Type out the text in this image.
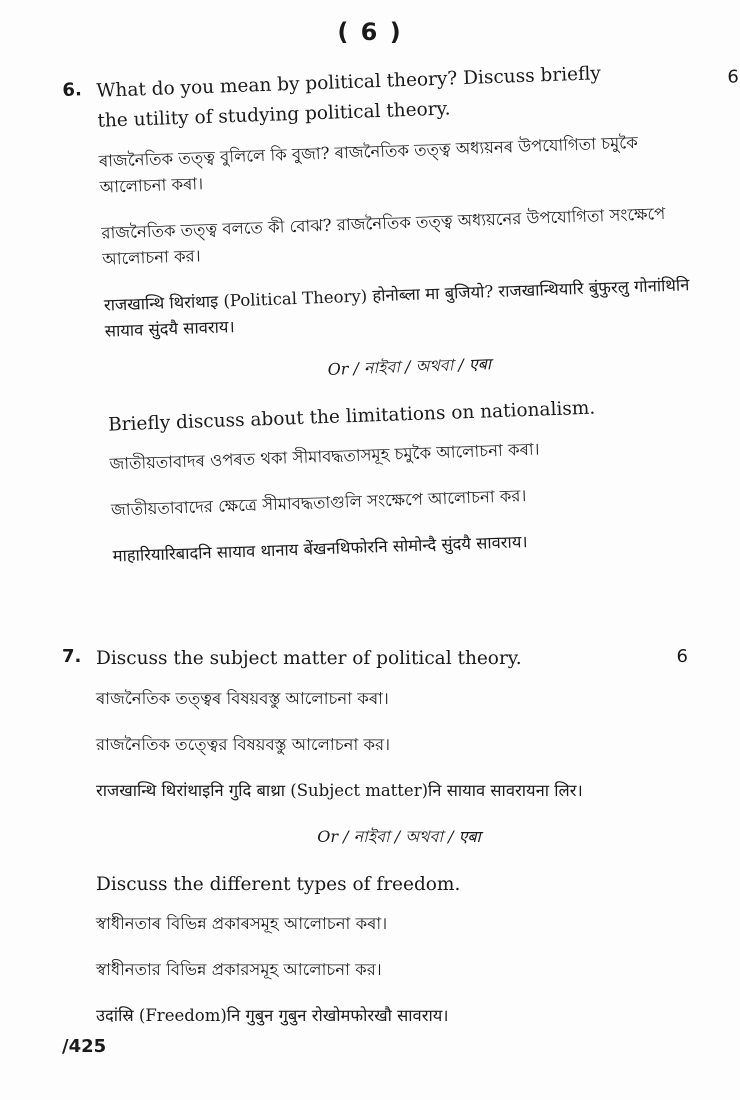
( 6 )
6. What do you mean by political theory? Discuss briefly the utility of studying political theory.
6
ৰাজনৈতিক তত্ত্ব বুলিলে কি বুজা? ৰাজনৈতিক তত্ত্ব অধ্যয়নৰ উপযোগিতা চমুকৈ আলোচনা কৰা।
রাজনৈতিক তত্ত্ব বলতে কী বোঝ? রাজনৈতিক তত্ত্ব অধ্যয়নের উপযোগিতা সংক্ষেপে আলোচনা কর।
राजखान्थि थिरांथाइ (Political Theory) होनोब्ला मा बुजियो? राजखान्थियारि बुंफुरलु गोनांथिनि सायाव सुंदयै सावराय।
Or / নাইবা / অথবা / एबा
Briefly discuss about the limitations on nationalism.
জাতীয়তাবাদৰ ওপৰত থকা সীমাবদ্ধতাসমূহ চমুকৈ আলোচনা কৰা।
জাতীয়তাবাদের ক্ষেত্রে সীমাবদ্ধতাগুলি সংক্ষেপে আলোচনা কর।
माहारियारिबादनि सायाव थानाय बेंखनथिफोरनि सोमोन्दै सुंदयै सावराय।
7. Discuss the subject matter of political theory.	6
ৰাজনৈতিক তত্ত্বৰ বিষয়বস্তু আলোচনা কৰা।
রাজনৈতিক তত্ত্বের বিষয়বস্তু আলোচনা কর।
राजखान्थि थिरांथाइनि गुदि बाथ्रा (Subject matter)नि सायाव सावरायना लिर।
Or / নাইবা / অথবা / एबा
Discuss the different types of freedom.
স্বাধীনতাৰ বিভিন্ন প্ৰকাৰসমূহ আলোচনা কৰা।
স্বাধীনতার বিভিন্ন প্রকারসমূহ আলোচনা কর।
उदांस्रि (Freedom)नि गुबुन गुबुन रोखोमफोरखौ सावराय।
/425
